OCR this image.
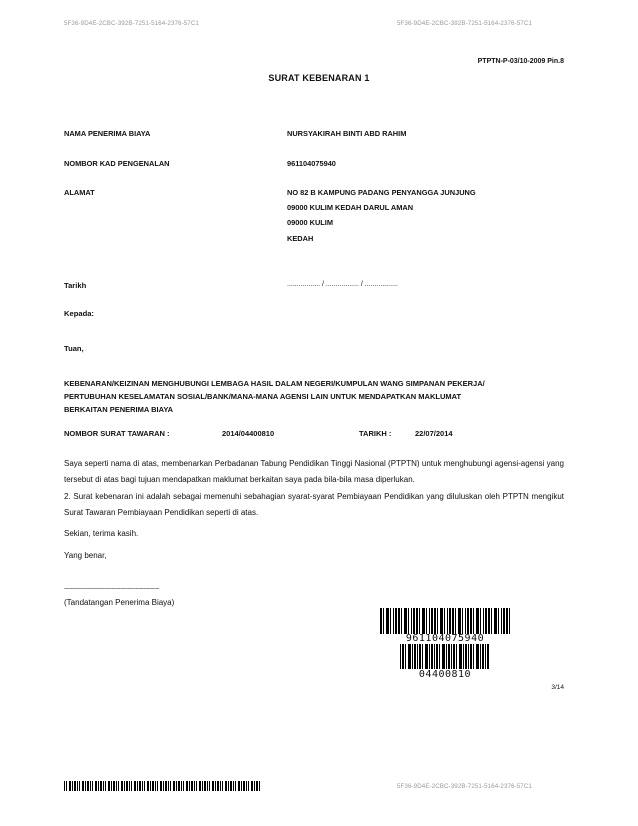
5F36-9D4E-2CBC-392B-7251-5164-2376-57C1	5F36-9D4E-2CBC-392B-7251-5164-2376-57C1
PTPTN-P-03/10-2009 Pin.8
SURAT KEBENARAN 1
NAMA PENERIMA BIAYA	NURSYAKIRAH BINTI ABD RAHIM
NOMBOR KAD PENGENALAN	961104075940
ALAMAT	NO 82 B KAMPUNG PADANG PENYANGGA JUNJUNG
09000 KULIM KEDAH DARUL AMAN
09000 KULIM
KEDAH
Tarikh	................. / ................. / .................
Kepada:
Tuan,
KEBENARAN/KEIZINAN MENGHUBUNGI LEMBAGA HASIL DALAM NEGERI/KUMPULAN WANG SIMPANAN PEKERJA/
PERTUBUHAN KESELAMATAN SOSIAL/BANK/MANA-MANA AGENSI LAIN UNTUK MENDAPATKAN MAKLUMAT
BERKAITAN PENERIMA BIAYA
NOMBOR SURAT TAWARAN :	2014/04400810	TARIKH :	22/07/2014
Saya seperti nama di atas, membenarkan Perbadanan Tabung Pendidikan Tinggi Nasional (PTPTN) untuk menghubungi agensi-agensi yang tersebut di atas bagi tujuan mendapatkan maklumat berkaitan saya pada bila-bila masa diperlukan.
2. Surat kebenaran ini adalah sebagai memenuhi sebahagian syarat-syarat Pembiayaan Pendidikan yang diluluskan oleh PTPTN mengikut Surat Tawaran Pembiayaan Pendidikan seperti di atas.
Sekian, terima kasih.
Yang benar,
--------------------------------------------------------
(Tandatangan Penerima Biaya)
961104075940
04400810
3/14
5F36-9D4E-2CBC-392B-7251-5164-2376-57C1
